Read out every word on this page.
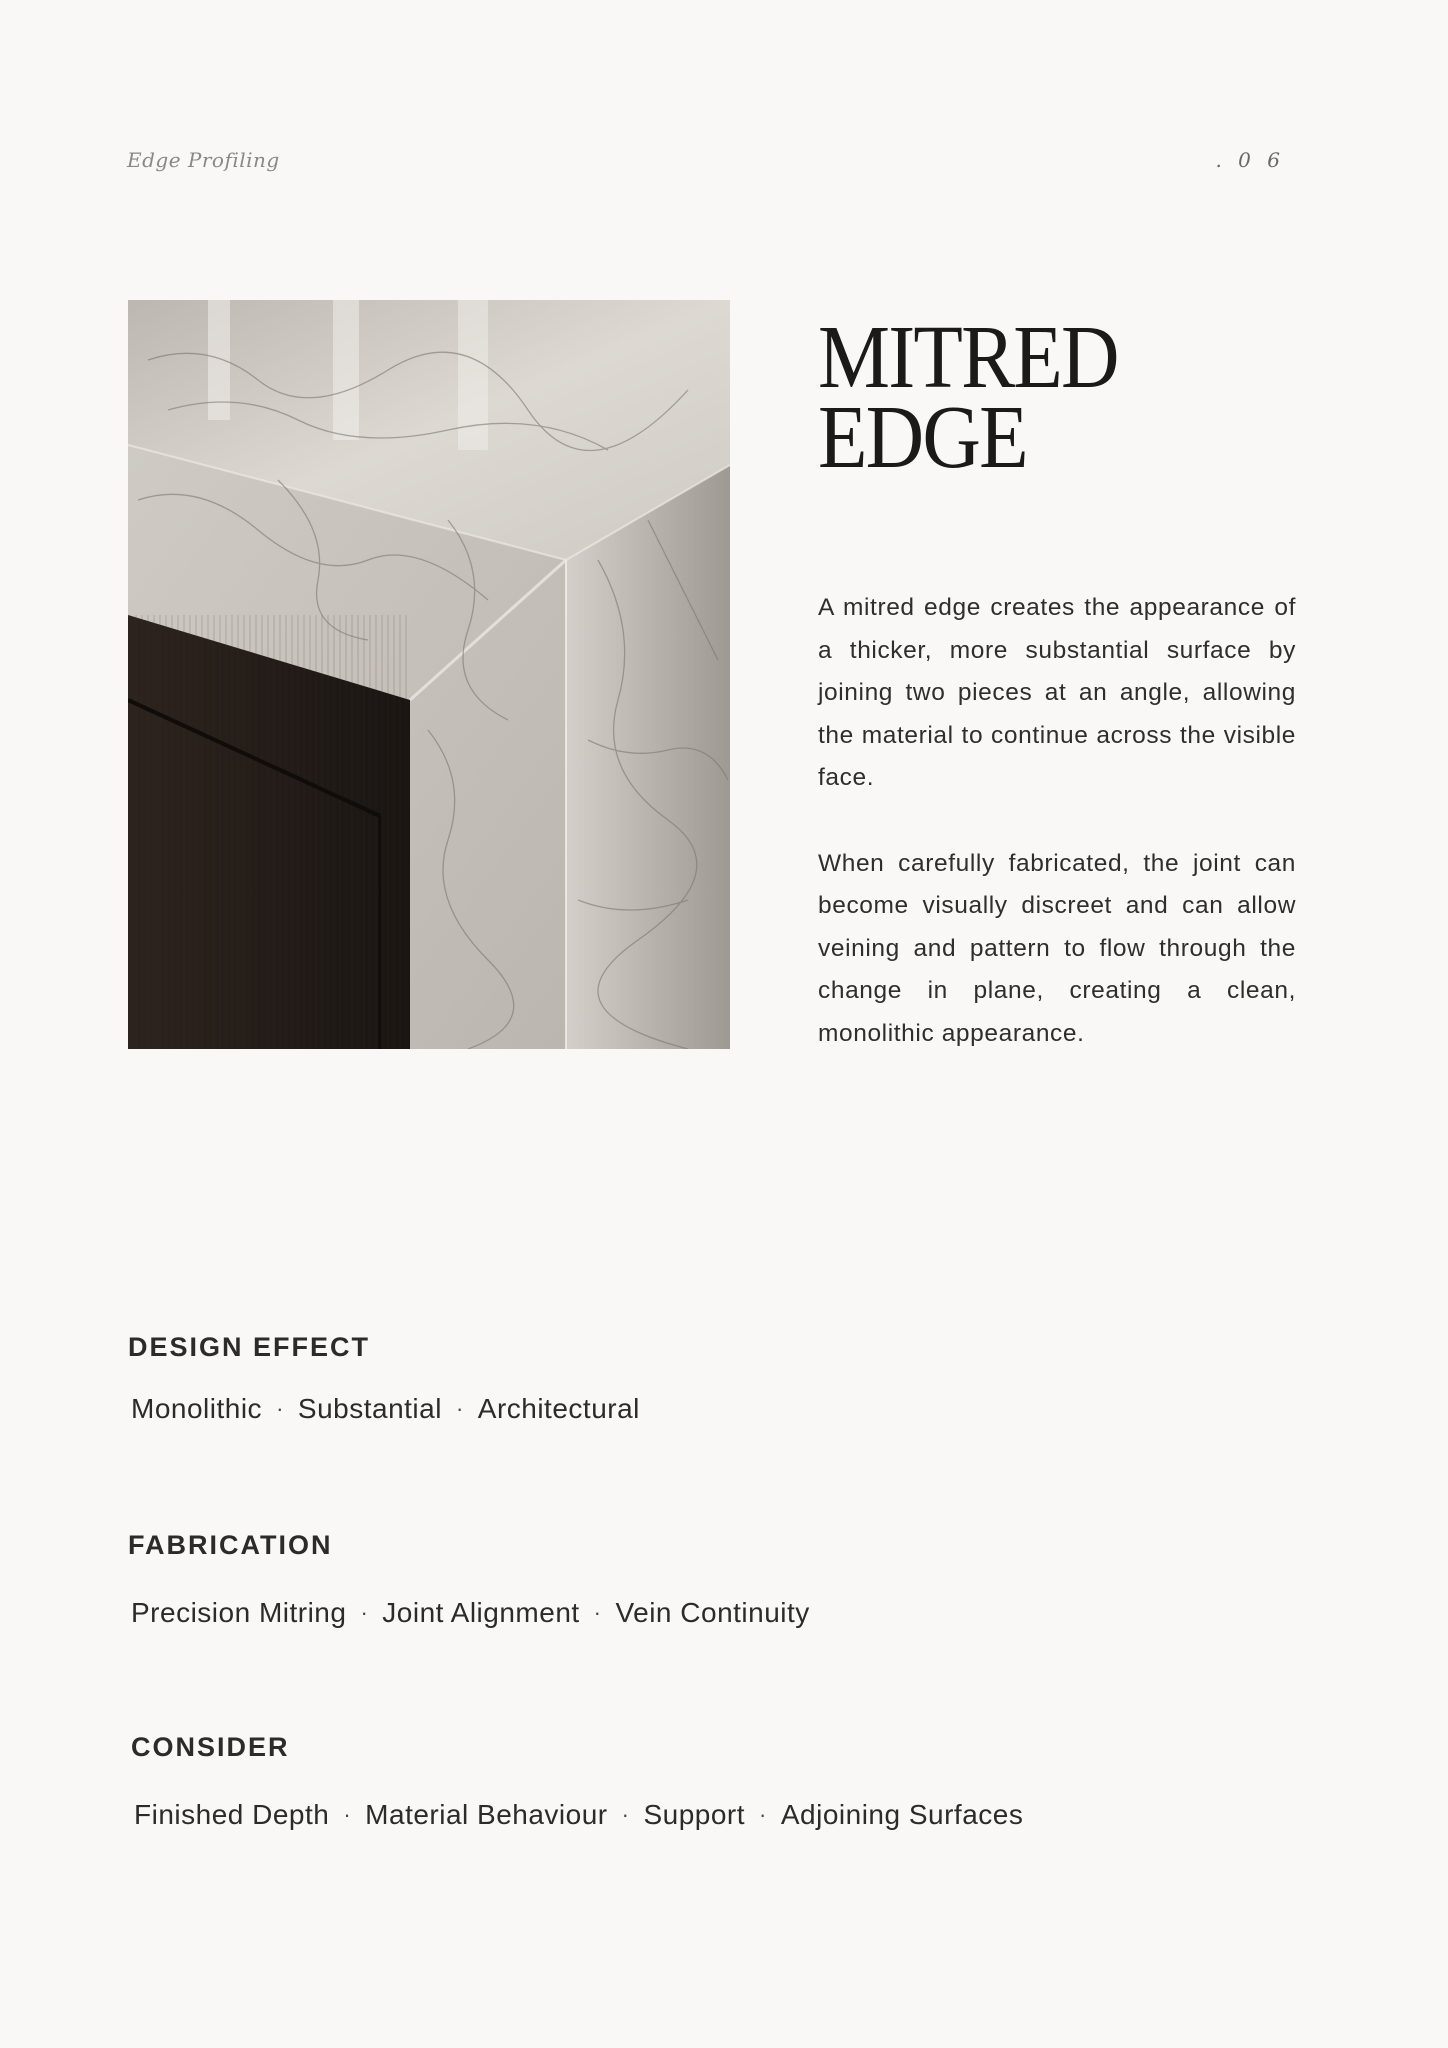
Edge Profiling	. 0 6
MITRED
EDGE

A mitred edge creates the appearance of a thicker, more substantial surface by joining two pieces at an angle, allowing the material to continue across the visible face.

When carefully fabricated, the joint can become visually discreet and can allow veining and pattern to flow through the change in plane, creating a clean, monolithic appearance.

DESIGN EFFECT
Monolithic · Substantial · Architectural
FABRICATION
Precision Mitring · Joint Alignment · Vein Continuity
CONSIDER
Finished Depth · Material Behaviour · Support · Adjoining Surfaces
